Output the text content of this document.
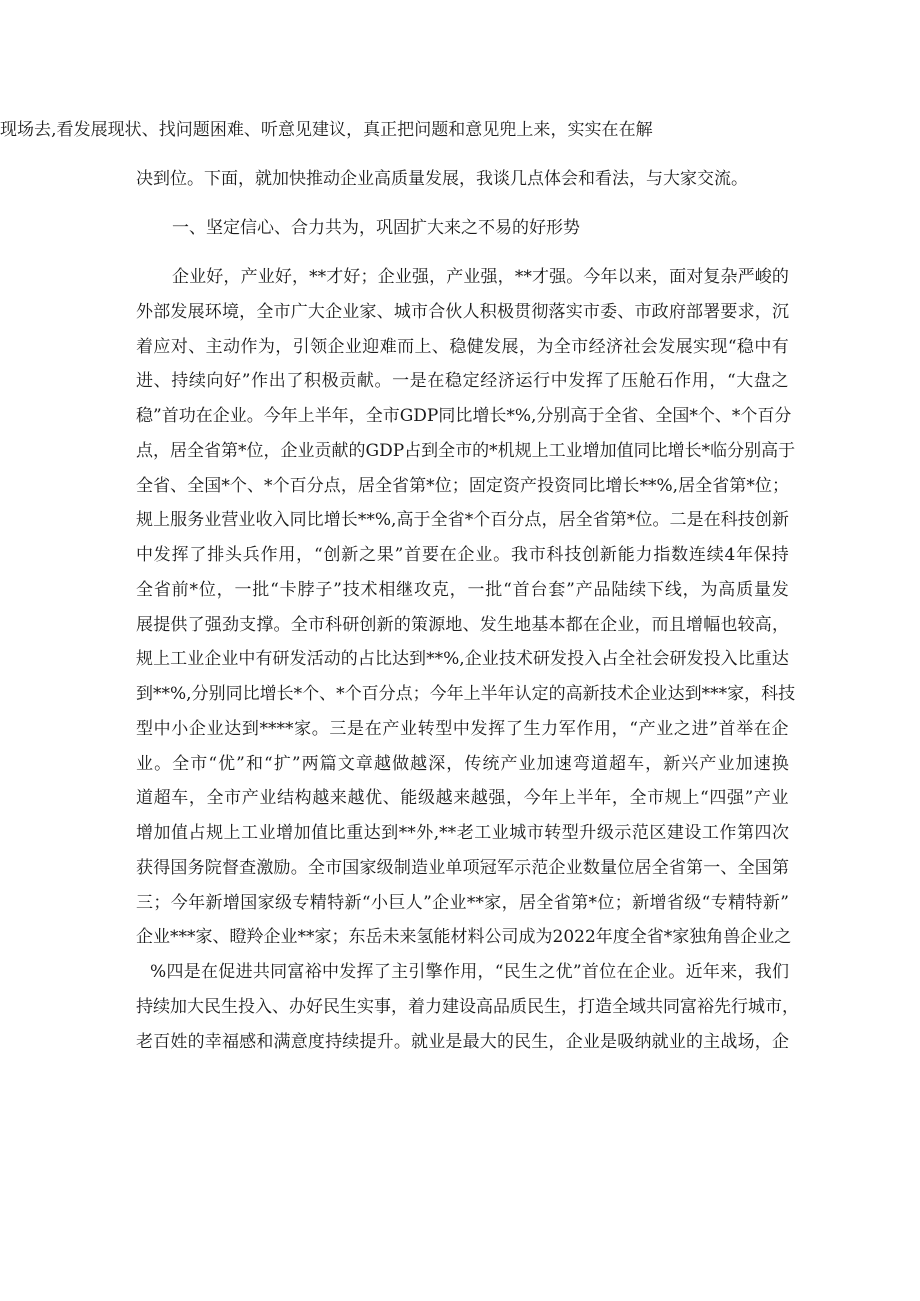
现 场 去 , 看 发 展 现 状 、 找 问 题 困 难 、 听 意 见 建 议 ， 真 正 把 问 题 和 意 见 兜 上 来 ， 实 实 在 在 解
决到位。下面，就加快推动企业高质量发展，我谈几点体会和看法，与大家交流。
一、坚定信心、合力共为，巩固扩大来之不易的好形势
企 业 好 ， 产 业 好 ， ** 才 好 ； 企 业 强 ， 产 业 强 ， ** 才 强 。 今 年 以 来 ， 面 对 复 杂 严 峻 的
外 部 发 展 环 境 ， 全 市 广 大 企 业 家 、 城 市 合 伙 人 积 极 贯 彻 落 实 市 委 、 市 政 府 部 署 要 求 ， 沉
着 应 对 、 主 动 作 为 ， 引 领 企 业 迎 难 而 上 、 稳 健 发 展 ， 为 全 市 经 济 社 会 发 展 实 现 “ 稳 中 有
进 、 持 续 向 好 ” 作 出 了 积 极 贡 献 。 一 是 在 稳 定 经 济 运 行 中 发 挥 了 压 舱 石 作 用 ， “ 大 盘 之
稳 ” 首 功 在 企 业 。 今 年 上 半 年 ， 全 市 GDP 同 比 增 长 *%, 分 别 高 于 全 省 、 全 国 * 个 、 * 个 百 分
点 ， 居 全 省 第 * 位 ， 企 业 贡 献 的 GDP 占 到 全 市 的 * 机 规 上 工 业 增 加 值 同 比 增 长 * 临 分 别 高 于
全 省 、 全 国 * 个 、 * 个 百 分 点 ， 居 全 省 第 * 位 ； 固 定 资 产 投 资 同 比 增 长 **%, 居 全 省 第 * 位 ；
规 上 服 务 业 营 业 收 入 同 比 增 长 **%, 高 于 全 省 * 个 百 分 点 ， 居 全 省 第 * 位 。 二 是 在 科 技 创 新
中 发 挥 了 排 头 兵 作 用 ， “ 创 新 之 果 ” 首 要 在 企 业 。 我 市 科 技 创 新 能 力 指 数 连 续 4 年 保 持
全 省 前 * 位 ， 一 批 “ 卡 脖 子 ” 技 术 相 继 攻 克 ， 一 批 “ 首 台 套 ” 产 品 陆 续 下 线 ， 为 高 质 量 发
展 提 供 了 强 劲 支 撑 。 全 市 科 研 创 新 的 策 源 地 、 发 生 地 基 本 都 在 企 业 ， 而 且 增 幅 也 较 高 ，
规 上 工 业 企 业 中 有 研 发 活 动 的 占 比 达 到 **%, 企 业 技 术 研 发 投 入 占 全 社 会 研 发 投 入 比 重 达
到 **%, 分 别 同 比 增 长 * 个 、 * 个 百 分 点 ； 今 年 上 半 年 认 定 的 高 新 技 术 企 业 达 到 *** 家 ， 科 技
型 中 小 企 业 达 到 **** 家 。 三 是 在 产 业 转 型 中 发 挥 了 生 力 军 作 用 ， “ 产 业 之 进 ” 首 举 在 企
业 。 全 市 “ 优 ” 和 “ 扩 ” 两 篇 文 章 越 做 越 深 ， 传 统 产 业 加 速 弯 道 超 车 ， 新 兴 产 业 加 速 换
道 超 车 ， 全 市 产 业 结 构 越 来 越 优 、 能 级 越 来 越 强 ， 今 年 上 半 年 ， 全 市 规 上 “ 四 强 ” 产 业
增 加 值 占 规 上 工 业 增 加 值 比 重 达 到 ** 外 ,** 老 工 业 城 市 转 型 升 级 示 范 区 建 设 工 作 第 四 次
获 得 国 务 院 督 查 激 励 。 全 市 国 家 级 制 造 业 单 项 冠 军 示 范 企 业 数 量 位 居 全 省 第 一 、 全 国 第
三 ； 今 年 新 增 国 家 级 专 精 特 新 “ 小 巨 人 ” 企 业 ** 家 ， 居 全 省 第 * 位 ； 新 增 省 级 “ 专 精 特 新 ”
企 业 *** 家 、 瞪 羚 企 业 ** 家 ； 东 岳 未 来 氢 能 材 料 公 司 成 为 2022 年 度 全 省 * 家 独 角 兽 企 业 之
% 四 是 在 促 进 共 同 富 裕 中 发 挥 了 主 引 擎 作 用 ， “ 民 生 之 优 ” 首 位 在 企 业 。 近 年 来 ， 我 们
持 续 加 大 民 生 投 入 、 办 好 民 生 实 事 ， 着 力 建 设 高 品 质 民 生 ， 打 造 全 域 共 同 富 裕 先 行 城 市 ，
老 百 姓 的 幸 福 感 和 满 意 度 持 续 提 升 。 就 业 是 最 大 的 民 生 ， 企 业 是 吸 纳 就 业 的 主 战 场 ， 企
